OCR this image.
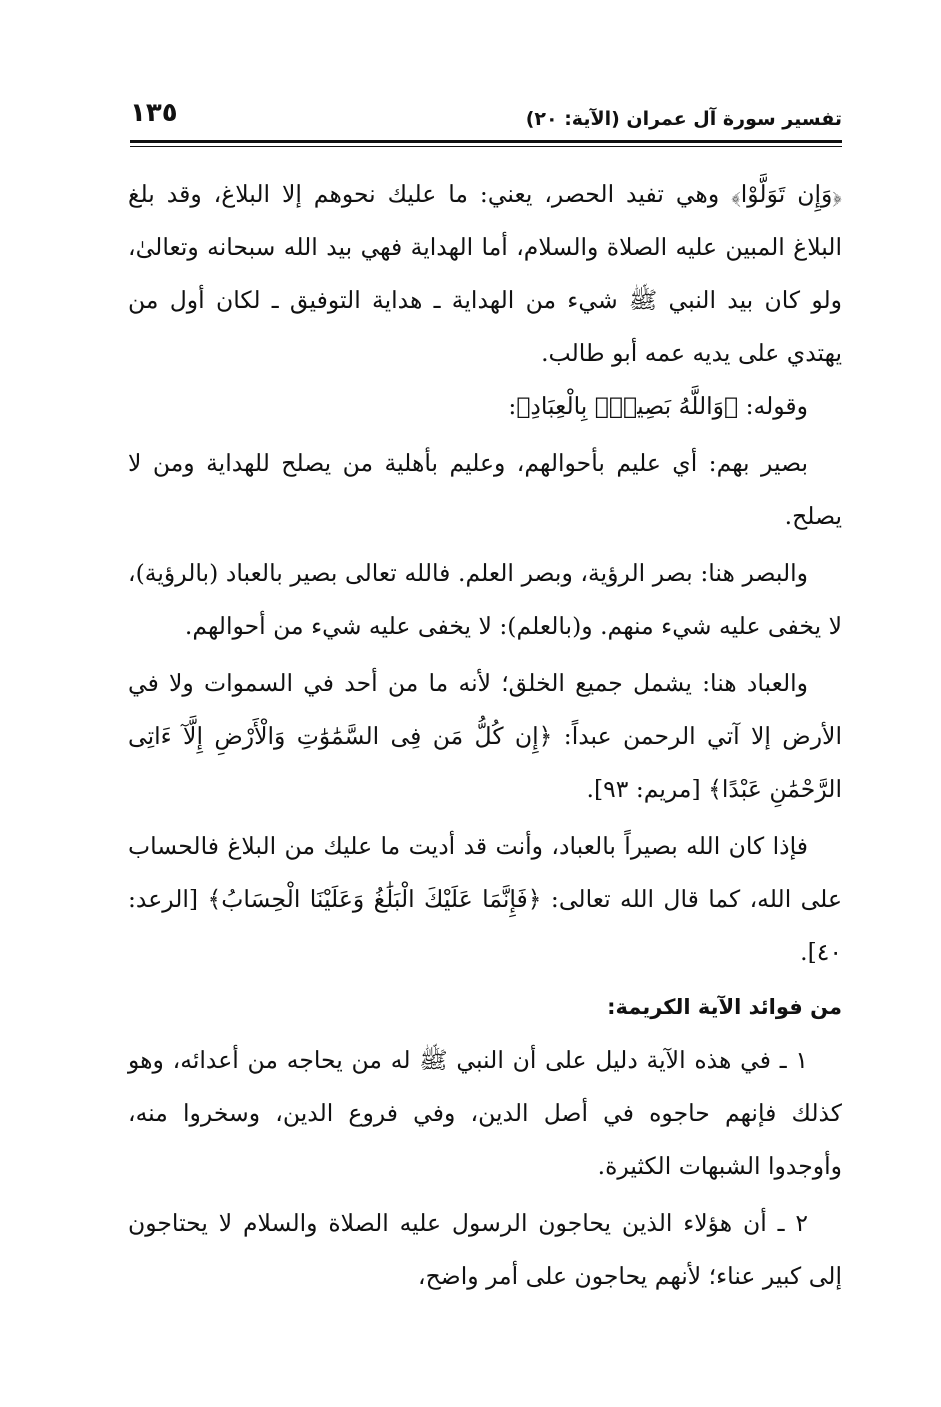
تفسير سورة آل عمران (الآية: ٢٠)
١٣٥

﴿وَإِن تَوَلَّوْا﴾ وهي تفيد الحصر، يعني: ما عليك نحوهم إلا البلاغ، وقد بلغ البلاغ المبين عليه الصلاة والسلام، أما الهداية فهي بيد الله سبحانه وتعالىٰ، ولو كان بيد النبي ﷺ شيء من الهداية ـ هداية التوفيق ـ لكان أول من يهتدي على يديه عمه أبو طالب.

وقوله: ﴿وَاللَّهُ بَصِيرٌۢ بِالْعِبَادِ﴾:

بصير بهم: أي عليم بأحوالهم، وعليم بأهلية من يصلح للهداية ومن لا يصلح.

والبصر هنا: بصر الرؤية، وبصر العلم. فالله تعالى بصير بالعباد (بالرؤية)، لا يخفى عليه شيء منهم. و(بالعلم): لا يخفى عليه شيء من أحوالهم.

والعباد هنا: يشمل جميع الخلق؛ لأنه ما من أحد في السموات ولا في الأرض إلا آتي الرحمن عبداً: ﴿إِن كُلُّ مَن فِى السَّمَٰوَٰتِ وَالْأَرْضِ إِلَّآ ءَاتِى الرَّحْمَٰنِ عَبْدًا﴾ [مريم: ٩٣].

فإذا كان الله بصيراً بالعباد، وأنت قد أديت ما عليك من البلاغ فالحساب على الله، كما قال الله تعالى: ﴿فَإِنَّمَا عَلَيْكَ الْبَلَٰغُ وَعَلَيْنَا الْحِسَابُ﴾ [الرعد: ٤٠].

من فوائد الآية الكريمة:

١ ـ في هذه الآية دليل على أن النبي ﷺ له من يحاجه من أعدائه، وهو كذلك فإنهم حاجوه في أصل الدين، وفي فروع الدين، وسخروا منه، وأوجدوا الشبهات الكثيرة.

٢ ـ أن هؤلاء الذين يحاجون الرسول عليه الصلاة والسلام لا يحتاجون إلى كبير عناء؛ لأنهم يحاجون على أمر واضح،
